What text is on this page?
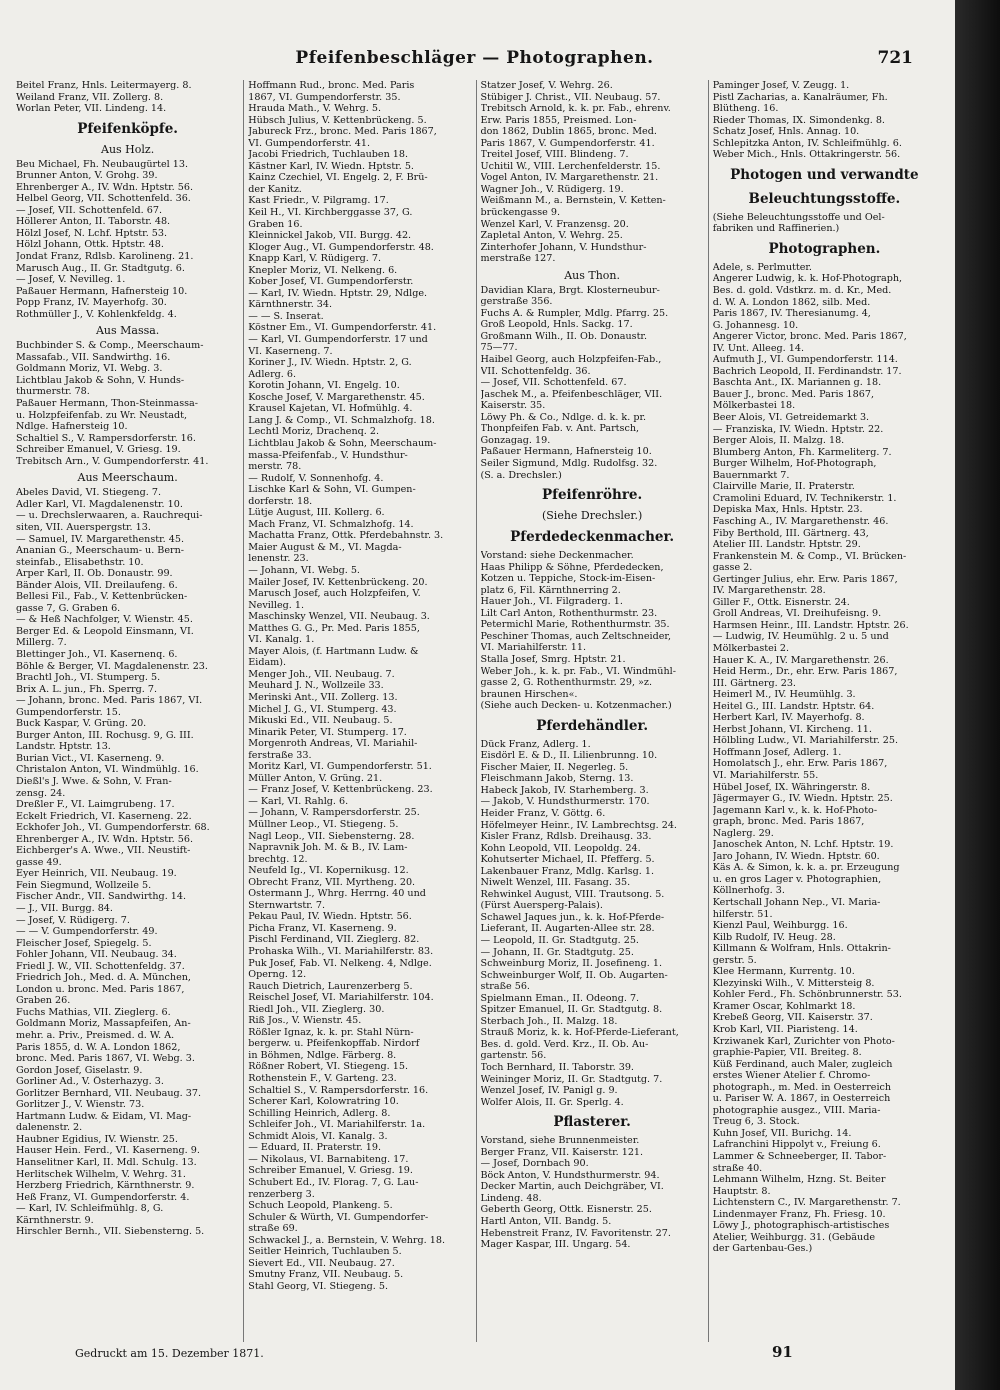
Pfeifenbeschläger — Photographen.	721
Beitel Franz, Hnls. Leitermayerg. 8.
Weiland Franz, VII. Zollerg. 8.
Worlan Peter, VII. Lindeng. 14.
Pfeifenköpfe.
Aus Holz.
Beu Michael, Fh. Neubaugürtel 13.
Brunner Anton, V. Grohg. 39.
Ehrenberger A., IV. Wdn. Hptstr. 56.
Helbel Georg, VII. Schottenfeld. 36.
— Josef, VII. Schottenfeld. 67.
Höllerer Anton, II. Taborstr. 48.
Hölzl Josef, N. Lchf. Hptstr. 53.
Hölzl Johann, Ottk. Hptstr. 48.
Jondat Franz, Rdlsb. Karolineng. 21.
Marusch Aug., II. Gr. Stadtgutg. 6.
— Josef, V. Nevilleg. 1.
Paßauer Hermann, Hafnersteig 10.
Popp Franz, IV. Mayerhofg. 30.
Rothmüller J., V. Kohlenkfeldg. 4.
Aus Massa.
Buchbinder S. & Comp., Meerschaum-
Massafab., VII. Sandwirthg. 16.
Goldmann Moriz, VI. Webg. 3.
Lichtblau Jakob & Sohn, V. Hunds-
thurmerstr. 78.
Paßauer Hermann, Thon-Steinmassa-
u. Holzpfeifenfab. zu Wr. Neustadt,
Ndlge. Hafnersteig 10.
Schaltiel S., V. Rampersdorferstr. 16.
Schreiber Emanuel, V. Griesg. 19.
Trebitsch Arn., V. Gumpendorferstr. 41.
Aus Meerschaum.
Abeles David, VI. Stiegeng. 7.
Adler Karl, VI. Magdalenenstr. 10.
— u. Drechslerwaaren, a. Rauchrequi-
siten, VII. Auerspergstr. 13.
— Samuel, IV. Margarethenstr. 45.
Ananian G., Meerschaum- u. Bern-
steinfab., Elisabethstr. 10.
Arper Karl, II. Ob. Donaustr. 99.
Bänder Alois, VII. Dreilaufeng. 6.
Bellesi Fil., Fab., V. Kettenbrücken-
gasse 7, G. Graben 6.
— & Heß Nachfolger, V. Wienstr. 45.
Berger Ed. & Leopold Einsmann, VI.
Millerg. 7.
Blettinger Joh., VI. Kasernenq. 6.
Böhle & Berger, VI. Magdalenenstr. 23.
Brachtl Joh., VI. Stumperg. 5.
Brix A. L. jun., Fh. Sperrg. 7.
— Johann, bronc. Med. Paris 1867, VI.
Gumpendorferstr. 15.
Buck Kaspar, V. Grüng. 20.
Burger Anton, III. Rochusg. 9, G. III.
Landstr. Hptstr. 13.
Burian Vict., VI. Kaserneng. 9.
Christalon Anton, VI. Windmühlg. 16.
Dießl's J. Wwe. & Sohn, V. Fran-
zensg. 24.
Dreßler F., VI. Laimgrubeng. 17.
Eckelt Friedrich, VI. Kaserneng. 22.
Eckhofer Joh., VI. Gumpendorferstr. 68.
Ehrenberger A., IV. Wdn. Hptstr. 56.
Eichberger's A. Wwe., VII. Neustift-
gasse 49.
Eyer Heinrich, VII. Neubaug. 19.
Fein Siegmund, Wollzeile 5.
Fischer Andr., VII. Sandwirthg. 14.
— J., VII. Burgg. 84.
— Josef, V. Rüdigerg. 7.
— — V. Gumpendorferstr. 49.
Fleischer Josef, Spiegelg. 5.
Fohler Johann, VII. Neubaug. 34.
Friedl J. W., VII. Schottenfeldg. 37.
Friedrich Joh., Med. d. A. München,
London u. bronc. Med. Paris 1867,
Graben 26.
Fuchs Mathias, VII. Zieglerg. 6.
Goldmann Moriz, Massapfeifen, An-
mehr. a. Priv., Preismed. d. W. A.
Paris 1855, d. W. A. London 1862,
bronc. Med. Paris 1867, VI. Webg. 3.
Gordon Josef, Giselastr. 9.
Gorliner Ad., V. Österhazyg. 3.
Gorlitzer Bernhard, VII. Neubaug. 37.
Gorlitzer J., V. Wienstr. 73.
Hartmann Ludw. & Eidam, VI. Mag-
dalenenstr. 2.
Haubner Egidius, IV. Wienstr. 25.
Hauser Hein. Ferd., VI. Kaserneng. 9.
Hanselitner Karl, II. Mdl. Schulg. 13.
Herlitschek Wilhelm, V. Wehrg. 31.
Herzberg Friedrich, Kärnthnerstr. 9.
Heß Franz, VI. Gumpendorferstr. 4.
— Karl, IV. Schleifmühlg. 8, G.
Kärnthnerstr. 9.
Hirschler Bernh., VII. Siebensterng. 5.
Hoffmann Rud., bronc. Med. Paris
1867, VI. Gumpendorferstr. 35.
Hrauda Math., V. Wehrg. 5.
Hübsch Julius, V. Kettenbrückeng. 5.
Jabureck Frz., bronc. Med. Paris 1867,
VI. Gumpendorferstr. 41.
Jacobi Friedrich, Tuchlauben 18.
Kästner Karl, IV. Wiedn. Hptstr. 5.
Kainz Czechiel, VI. Engelg. 2, F. Brü-
der Kanitz.
Kast Friedr., V. Pilgramg. 17.
Keil H., VI. Kirchberggasse 37, G.
Graben 16.
Kleinnickel Jakob, VII. Burgg. 42.
Kloger Aug., VI. Gumpendorferstr. 48.
Knapp Karl, V. Rüdigerg. 7.
Knepler Moriz, VI. Nelkeng. 6.
Kober Josef, VI. Gumpendorferstr.
— Karl, IV. Wiedn. Hptstr. 29, Ndlge.
Kärnthnerstr. 34.
— — S. Inserat.
Köstner Em., VI. Gumpendorferstr. 41.
— Karl, VI. Gumpendorferstr. 17 und
VI. Kaserneng. 7.
Koriner J., IV. Wiedn. Hptstr. 2, G.
Adlerg. 6.
Korotin Johann, VI. Engelg. 10.
Kosche Josef, V. Margarethenstr. 45.
Krausel Kajetan, VI. Hofmühlg. 4.
Lang J. & Comp., VI. Schmalzhofg. 18.
Lechtl Moriz, Drachenq. 2.
Lichtblau Jakob & Sohn, Meerschaum-
massa-Pfeifenfab., V. Hundsthur-
merstr. 78.
— Rudolf, V. Sonnenhofg. 4.
Lischke Karl & Sohn, VI. Gumpen-
dorferstr. 18.
Lütje August, III. Kollerg. 6.
Mach Franz, VI. Schmalzhofg. 14.
Machatta Franz, Ottk. Pferdebahnstr. 3.
Maier August & M., VI. Magda-
lenenstr. 23.
— Johann, VI. Webg. 5.
Mailer Josef, IV. Kettenbrückeng. 20.
Marusch Josef, auch Holzpfeifen, V.
Nevilleg. 1.
Maschinsky Wenzel, VII. Neubaug. 3.
Matthes G. G., Pr. Med. Paris 1855,
VI. Kanalg. 1.
Mayer Alois, (f. Hartmann Ludw. &
Eidam).
Menger Joh., VII. Neubaug. 7.
Meuhard J. N., Wollzeile 33.
Merinski Ant., VII. Zollerg. 13.
Michel J. G., VI. Stumperg. 43.
Mikuski Ed., VII. Neubaug. 5.
Minarik Peter, VI. Stumperg. 17.
Morgenroth Andreas, VI. Mariahil-
ferstraße 33.
Moritz Karl, VI. Gumpendorferstr. 51.
Müller Anton, V. Grüng. 21.
— Franz Josef, V. Kettenbrückeng. 23.
— Karl, VI. Rahlg. 6.
— Johann, V. Rampersdorferstr. 25.
Müllner Leop., VI. Stiegeng. 5.
Nagl Leop., VII. Siebensterng. 28.
Napravnik Joh. M. & B., IV. Lam-
brechtg. 12.
Neufeld Ig., VI. Kopernikusg. 12.
Obrecht Franz, VII. Myrtheng. 20.
Ostermann J., Whrg. Herrng. 40 und
Sternwartstr. 7.
Pekau Paul, IV. Wiedn. Hptstr. 56.
Picha Franz, VI. Kaserneng. 9.
Pischl Ferdinand, VII. Zieglerg. 82.
Prohaska Wilh., VI. Mariahilferstr. 83.
Puk Josef, Fab. VI. Nelkeng. 4, Ndlge.
Operng. 12.
Rauch Dietrich, Laurenzerberg 5.
Reischel Josef, VI. Mariahilferstr. 104.
Riedl Joh., VII. Zieglerg. 30.
Riß Jos., V. Wienstr. 45.
Rößler Ignaz, k. k. pr. Stahl Nürn-
bergerw. u. Pfeifenkopffab. Nirdorf
in Böhmen, Ndlge. Färberg. 8.
Rößner Robert, VI. Stiegeng. 15.
Rothenstein F., V. Garteng. 23.
Schaltiel S., V. Rampersdorferstr. 16.
Scherer Karl, Kolowratring 10.
Schilling Heinrich, Adlerg. 8.
Schleifer Joh., VI. Mariahilferstr. 1a.
Schmidt Alois, VI. Kanalg. 3.
— Eduard, II. Praterstr. 19.
— Nikolaus, VI. Barnabiteng. 17.
Schreiber Emanuel, V. Griesg. 19.
Schubert Ed., IV. Florag. 7, G. Lau-
renzerberg 3.
Schuch Leopold, Plankeng. 5.
Schuler & Würth, VI. Gumpendorfer-
straße 69.
Schwackel J., a. Bernstein, V. Wehrg. 18.
Seitler Heinrich, Tuchlauben 5.
Sievert Ed., VII. Neubaug. 27.
Smutny Franz, VII. Neubaug. 5.
Stahl Georg, VI. Stiegeng. 5.
Statzer Josef, V. Wehrg. 26.
Stübiger J. Christ., VII. Neubaug. 57.
Trebitsch Arnold, k. k. pr. Fab., ehrenv.
Erw. Paris 1855, Preismed. Lon-
don 1862, Dublin 1865, bronc. Med.
Paris 1867, V. Gumpendorferstr. 41.
Treitel Josef, VIII. Blindeng. 7.
Uchitil W., VIII. Lerchenfelderstr. 15.
Vogel Anton, IV. Margarethenstr. 21.
Wagner Joh., V. Rüdigerg. 19.
Weißmann M., a. Bernstein, V. Ketten-
brückengasse 9.
Wenzel Karl, V. Franzensg. 20.
Zapletal Anton, V. Wehrg. 25.
Zinterhofer Johann, V. Hundsthur-
merstraße 127.
Aus Thon.
Davidian Klara, Brgt. Klosterneubur-
gerstraße 356.
Fuchs A. & Rumpler, Mdlg. Pfarrg. 25.
Groß Leopold, Hnls. Sackg. 17.
Großmann Wilh., II. Ob. Donaustr.
75—77.
Haibel Georg, auch Holzpfeifen-Fab.,
VII. Schottenfeldg. 36.
— Josef, VII. Schottenfeld. 67.
Jaschek M., a. Pfeifenbeschläger, VII.
Kaiserstr. 35.
Löwy Ph. & Co., Ndlge. d. k. k. pr.
Thonpfeifen Fab. v. Ant. Partsch,
Gonzagag. 19.
Paßauer Hermann, Hafnersteig 10.
Seiler Sigmund, Mdlg. Rudolfsg. 32.
(S. a. Drechsler.)
Pfeifenröhre.
(Siehe Drechsler.)
Pferdedeckenmacher.
Vorstand: siehe Deckenmacher.
Haas Philipp & Söhne, Pferdedecken,
Kotzen u. Teppiche, Stock-im-Eisen-
platz 6, Fil. Kärnthnerring 2.
Hauer Joh., VI. Filgraderg. 1.
Lilt Carl Anton, Rothenthurmstr. 23.
Petermichl Marie, Rothenthurmstr. 35.
Peschiner Thomas, auch Zeltschneider,
VI. Mariahilferstr. 11.
Stalla Josef, Smrg. Hptstr. 21.
Weber Joh., k. k. pr. Fab., VI. Windmühl-
gasse 2, G. Rothenthurmstr. 29, »z.
braunen Hirschen«.
(Siehe auch Decken- u. Kotzenmacher.)
Pferdehändler.
Dück Franz, Adlerg. 1.
Eisdörl E. & D., II. Lilienbrunng. 10.
Fischer Maier, II. Negerleg. 5.
Fleischmann Jakob, Sterng. 13.
Habeck Jakob, IV. Starhemberg. 3.
— Jakob, V. Hundsthurmerstr. 170.
Heider Franz, V. Göttg. 6.
Höfelmeyer Heinr., IV. Lambrechtsg. 24.
Kisler Franz, Rdlsb. Dreihausg. 33.
Kohn Leopold, VII. Leopoldg. 24.
Kohutserter Michael, II. Pfefferg. 5.
Lakenbauer Franz, Mdlg. Karlsg. 1.
Niwelt Wenzel, III. Fasang. 35.
Rehwinkel August, VIII. Trautsong. 5.
(Fürst Auersperg-Palais).
Schawel Jaques jun., k. k. Hof-Pferde-
Lieferant, II. Augarten-Allee str. 28.
— Leopold, II. Gr. Stadtgutg. 25.
— Johann, II. Gr. Stadtgutg. 25.
Schweinburg Moriz, II. Josefineng. 1.
Schweinburger Wolf, II. Ob. Augarten-
straße 56.
Spielmann Eman., II. Odeong. 7.
Spitzer Emanuel, II. Gr. Stadtgutg. 8.
Sterbach Joh., II. Malzg. 18.
Strauß Moriz, k. k. Hof-Pferde-Lieferant,
Bes. d. gold. Verd. Krz., II. Ob. Au-
gartenstr. 56.
Toch Bernhard, II. Taborstr. 39.
Weininger Moriz, II. Gr. Stadtgutg. 7.
Wenzel Josef, IV. Panigl g. 9.
Wolfer Alois, II. Gr. Sperlg. 4.
Pflasterer.
Vorstand, siehe Brunnenmeister.
Berger Franz, VII. Kaiserstr. 121.
— Josef, Dornbach 90.
Böck Anton, V. Hundsthurmerstr. 94.
Decker Martin, auch Deichgräber, VI.
Lindeng. 48.
Geberth Georg, Ottk. Eisnerstr. 25.
Hartl Anton, VII. Bandg. 5.
Hebenstreit Franz, IV. Favoritenstr. 27.
Mager Kaspar, III. Ungarg. 54.
Paminger Josef, V. Zeugg. 1.
Pistl Zacharias, a. Kanalräumer, Fh.
Blütheng. 16.
Rieder Thomas, IX. Simondenkg. 8.
Schatz Josef, Hnls. Annag. 10.
Schlepitzka Anton, IV. Schleifmühlg. 6.
Weber Mich., Hnls. Ottakringerstr. 56.
Photogen und verwandte
Beleuchtungsstoffe.
(Siehe Beleuchtungsstoffe und Oel-
fabriken und Raffinerien.)
Photographen.
Adele, s. Perlmutter.
Angerer Ludwig, k. k. Hof-Photograph,
Bes. d. gold. Vdstkrz. m. d. Kr., Med.
d. W. A. London 1862, silb. Med.
Paris 1867, IV. Theresianumg. 4,
G. Johannesg. 10.
Angerer Victor, bronc. Med. Paris 1867,
IV. Unt. Alleeg. 14.
Aufmuth J., VI. Gumpendorferstr. 114.
Bachrich Leopold, II. Ferdinandstr. 17.
Baschta Ant., IX. Mariannen g. 18.
Bauer J., bronc. Med. Paris 1867,
Mölkerbastei 18.
Beer Alois, VI. Getreidemarkt 3.
— Franziska, IV. Wiedn. Hptstr. 22.
Berger Alois, II. Malzg. 18.
Blumberg Anton, Fh. Karmeliterg. 7.
Burger Wilhelm, Hof-Photograph,
Bauernmarkt 7.
Clairville Marie, II. Praterstr.
Cramolini Eduard, IV. Technikerstr. 1.
Depiska Max, Hnls. Hptstr. 23.
Fasching A., IV. Margarethenstr. 46.
Fiby Berthold, III. Gärtnerg. 43,
Atelier III. Landstr. Hptstr. 29.
Frankenstein M. & Comp., VI. Brücken-
gasse 2.
Gertinger Julius, ehr. Erw. Paris 1867,
IV. Margarethenstr. 28.
Giller F., Ottk. Eisnerstr. 24.
Groll Andreas, VI. Dreihufeisng. 9.
Harmsen Heinr., III. Landstr. Hptstr. 26.
— Ludwig, IV. Heumühlg. 2 u. 5 und
Mölkerbastei 2.
Hauer K. A., IV. Margarethenstr. 26.
Heid Herm., Dr., ehr. Erw. Paris 1867,
III. Gärtnerg. 23.
Heimerl M., IV. Heumühlg. 3.
Heitel G., III. Landstr. Hptstr. 64.
Herbert Karl, IV. Mayerhofg. 8.
Herbst Johann, VI. Kircheng. 11.
Hölbling Ludw., VI. Mariahilferstr. 25.
Hoffmann Josef, Adlerg. 1.
Homolatsch J., ehr. Erw. Paris 1867,
VI. Mariahilferstr. 55.
Hübel Josef, IX. Währingerstr. 8.
Jägermayer G., IV. Wiedn. Hptstr. 25.
Jagemann Karl v., k. k. Hof-Photo-
graph, bronc. Med. Paris 1867,
Naglerg. 29.
Janoschek Anton, N. Lchf. Hptstr. 19.
Jaro Johann, IV. Wiedn. Hptstr. 60.
Käs A. & Simon, k. k. a. pr. Erzeugung
u. en gros Lager v. Photographien,
Köllnerhofg. 3.
Kertschall Johann Nep., VI. Maria-
hilferstr. 51.
Kienzl Paul, Weihburgg. 16.
Kilb Rudolf, IV. Heug. 28.
Killmann & Wolfram, Hnls. Ottakrin-
gerstr. 5.
Klee Hermann, Kurrentg. 10.
Klezyinski Wilh., V. Mittersteig 8.
Kohler Ferd., Fh. Schönbrunnerstr. 53.
Kramer Oscar, Kohlmarkt 18.
Krebeß Georg, VII. Kaiserstr. 37.
Krob Karl, VII. Piaristeng. 14.
Krziwanek Karl, Zurichter von Photo-
graphie-Papier, VII. Breiteg. 8.
Küß Ferdinand, auch Maler, zugleich
erstes Wiener Atelier f. Chromo-
photograph., m. Med. in Oesterreich
u. Pariser W. A. 1867, in Oesterreich
photographie ausgez., VIII. Maria-
Treug 6, 3. Stock.
Kuhn Josef, VII. Burichg. 14.
Lafranchini Hippolyt v., Freiung 6.
Lammer & Schneeberger, II. Tabor-
straße 40.
Lehmann Wilhelm, Hzng. St. Beiter
Hauptstr. 8.
Lichtenstern C., IV. Margarethenstr. 7.
Lindenmayer Franz, Fh. Friesg. 10.
Löwy J., photographisch-artistisches
Atelier, Weihburgg. 31. (Gebäude
der Gartenbau-Ges.)
Gedruckt am 15. Dezember 1871.	91
